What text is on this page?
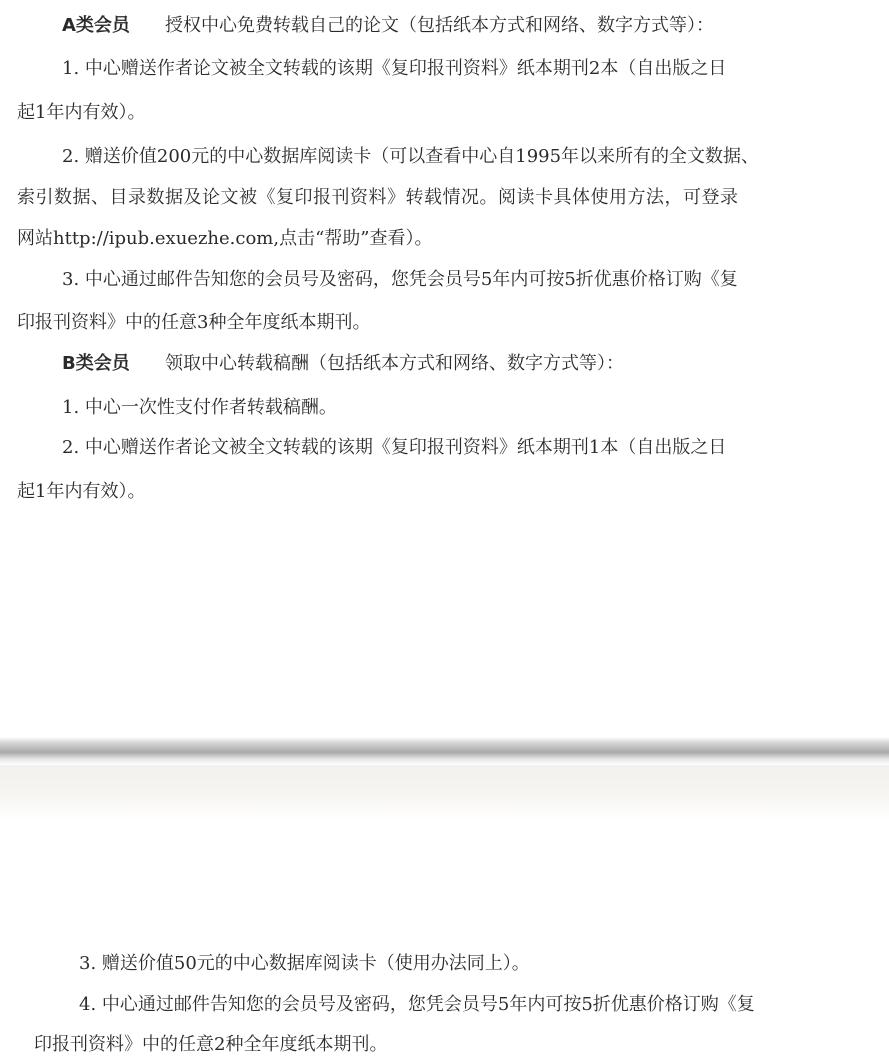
A类会员 授权中心免费转载自己的论文（包括纸本方式和网络、数字方式等）：
1. 中心赠送作者论文被全文转载的该期《复印报刊资料》纸本期刊2本（自出版之日
起1年内有效）。
2. 赠送价值200元的中心数据库阅读卡（可以查看中心自1995年以来所有的全文数据、
索引数据、目录数据及论文被《复印报刊资料》转载情况。阅读卡具体使用方法，可登录
网站http://ipub.exuezhe.com,点击“帮助”查看）。
3. 中心通过邮件告知您的会员号及密码，您凭会员号5年内可按5折优惠价格订购《复
印报刊资料》中的任意3种全年度纸本期刊。
B类会员 领取中心转载稿酬（包括纸本方式和网络、数字方式等）：
1. 中心一次性支付作者转载稿酬。
2. 中心赠送作者论文被全文转载的该期《复印报刊资料》纸本期刊1本（自出版之日
起1年内有效）。
3. 赠送价值50元的中心数据库阅读卡（使用办法同上）。
4. 中心通过邮件告知您的会员号及密码，您凭会员号5年内可按5折优惠价格订购《复
印报刊资料》中的任意2种全年度纸本期刊。
